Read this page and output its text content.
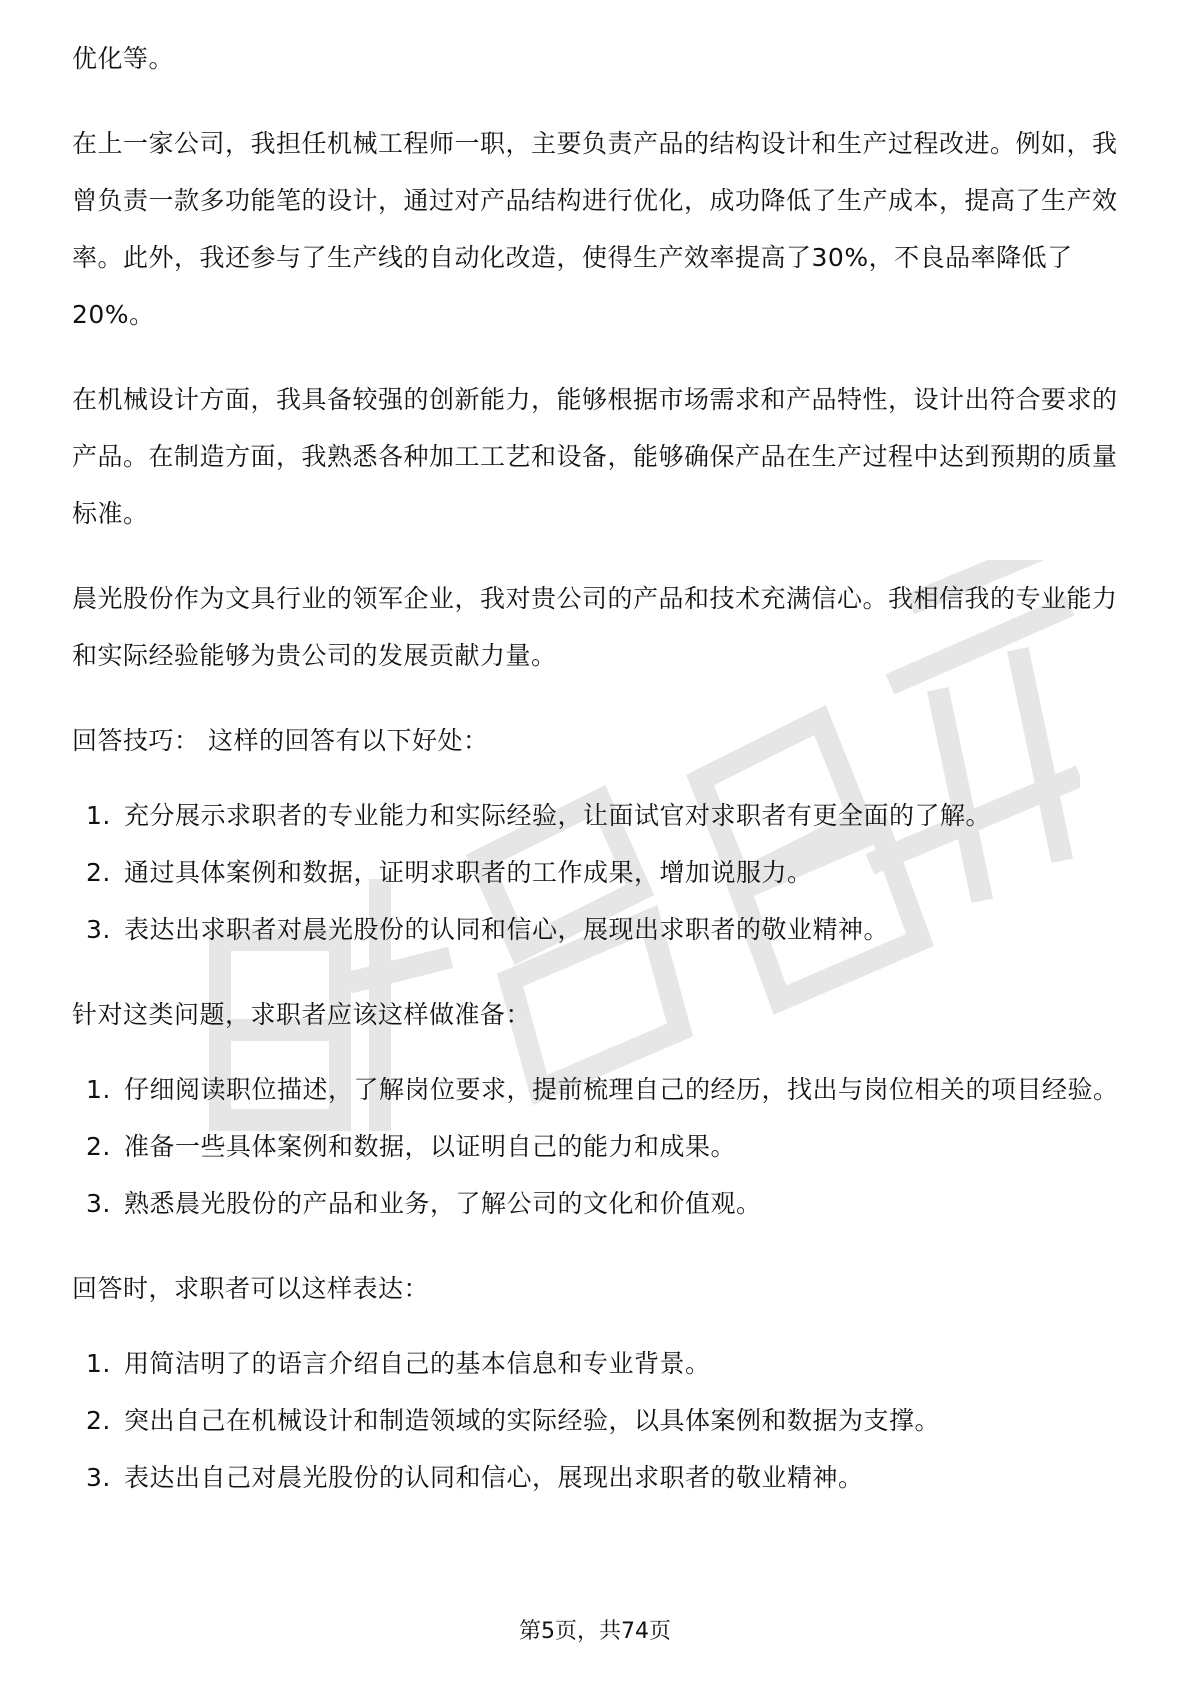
优化等。

在上一家公司，我担任机械工程师一职，主要负责产品的结构设计和生产过程改进。例如，我曾负责一款多功能笔的设计，通过对产品结构进行优化，成功降低了生产成本，提高了生产效率。此外，我还参与了生产线的自动化改造，使得生产效率提高了30%，不良品率降低了20%。

在机械设计方面，我具备较强的创新能力，能够根据市场需求和产品特性，设计出符合要求的产品。在制造方面，我熟悉各种加工工艺和设备，能够确保产品在生产过程中达到预期的质量标准。

晨光股份作为文具行业的领军企业，我对贵公司的产品和技术充满信心。我相信我的专业能力和实际经验能够为贵公司的发展贡献力量。

回答技巧： 这样的回答有以下好处：

1. 充分展示求职者的专业能力和实际经验，让面试官对求职者有更全面的了解。
2. 通过具体案例和数据，证明求职者的工作成果，增加说服力。
3. 表达出求职者对晨光股份的认同和信心，展现出求职者的敬业精神。

针对这类问题，求职者应该这样做准备：

1. 仔细阅读职位描述，了解岗位要求，提前梳理自己的经历，找出与岗位相关的项目经验。
2. 准备一些具体案例和数据，以证明自己的能力和成果。
3. 熟悉晨光股份的产品和业务，了解公司的文化和价值观。

回答时，求职者可以这样表达：

1. 用简洁明了的语言介绍自己的基本信息和专业背景。
2. 突出自己在机械设计和制造领域的实际经验，以具体案例和数据为支撑。
3. 表达出自己对晨光股份的认同和信心，展现出求职者的敬业精神。
第5页，共74页
